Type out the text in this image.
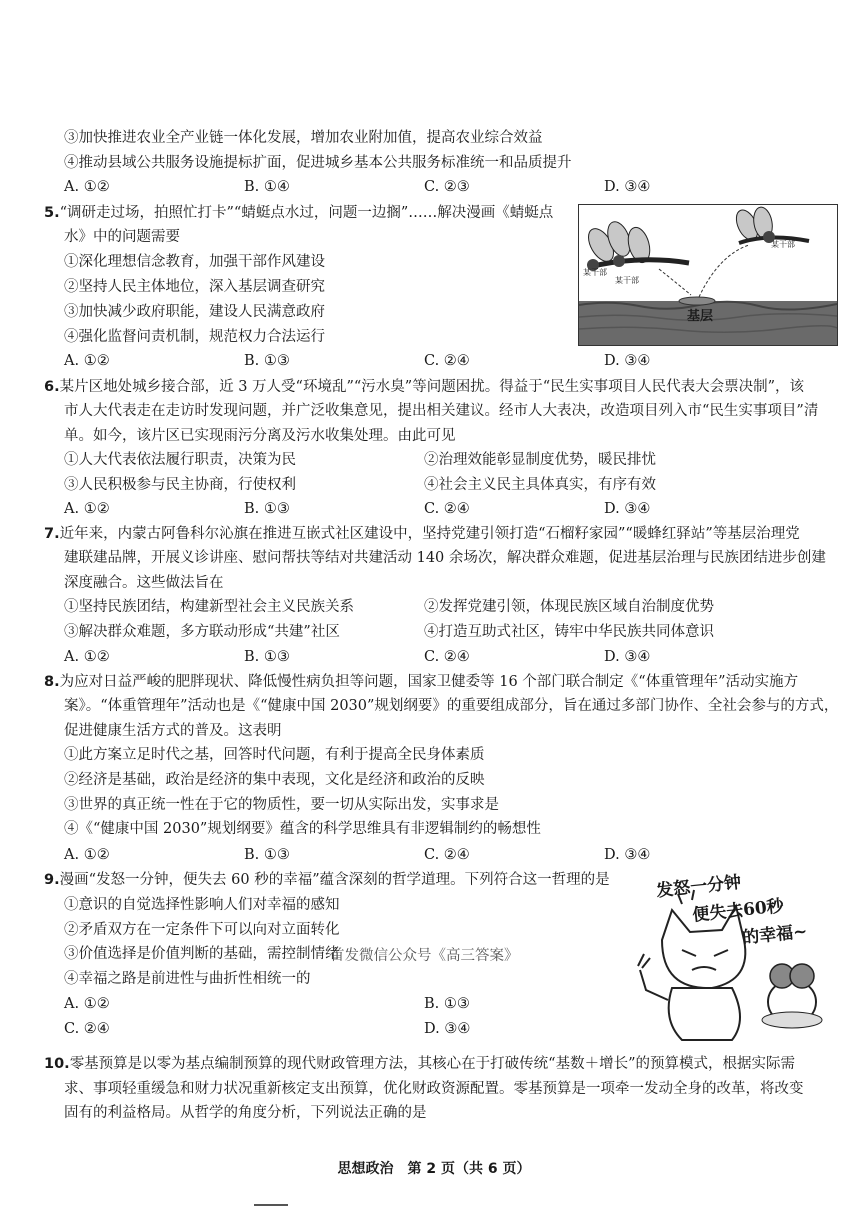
③加快推进农业全产业链一体化发展，增加农业附加值，提高农业综合效益
④推动县域公共服务设施提标扩面，促进城乡基本公共服务标准统一和品质提升
A. ①②	B. ①④	C. ②③	D. ③④
5.“调研走过场，拍照忙打卡”“蜻蜓点水过，问题一边搁”……解决漫画《蜻蜓点
水》中的问题需要
①深化理想信念教育，加强干部作风建设
②坚持人民主体地位，深入基层调查研究
③加快减少政府职能，建设人民满意政府
④强化监督问责机制，规范权力合法运行
A. ①②	B. ①③	C. ②④	D. ③④
某干部
某干部
某干部
基层
6.某片区地处城乡接合部，近 3 万人受“环境乱”“污水臭”等问题困扰。得益于“民生实事项目人民代表大会票决制”，该
市人大代表走在走访时发现问题，并广泛收集意见，提出相关建议。经市人大表决，改造项目列入市“民生实事项目”清
单。如今，该片区已实现雨污分离及污水收集处理。由此可见
①人大代表依法履行职责，决策为民	②治理效能彰显制度优势，暖民排忧
③人民积极参与民主协商，行使权利	④社会主义民主具体真实，有序有效
A. ①②	B. ①③	C. ②④	D. ③④
7.近年来，内蒙古阿鲁科尔沁旗在推进互嵌式社区建设中，坚持党建引领打造“石榴籽家园”“暖蜂红驿站”等基层治理党
建联建品牌，开展义诊讲座、慰问帮扶等结对共建活动 140 余场次，解决群众难题，促进基层治理与民族团结进步创建
深度融合。这些做法旨在
①坚持民族团结，构建新型社会主义民族关系	②发挥党建引领，体现民族区域自治制度优势
③解决群众难题，多方联动形成“共建”社区	④打造互助式社区，铸牢中华民族共同体意识
A. ①②	B. ①③	C. ②④	D. ③④
8.为应对日益严峻的肥胖现状、降低慢性病负担等问题，国家卫健委等 16 个部门联合制定《“体重管理年”活动实施方
案》。“体重管理年”活动也是《“健康中国 2030”规划纲要》的重要组成部分，旨在通过多部门协作、全社会参与的方式，
促进健康生活方式的普及。这表明
①此方案立足时代之基，回答时代问题，有利于提高全民身体素质
②经济是基础，政治是经济的集中表现，文化是经济和政治的反映
③世界的真正统一性在于它的物质性，要一切从实际出发，实事求是
④《“健康中国 2030”规划纲要》蕴含的科学思维具有非逻辑制约的畅想性
A. ①②	B. ①③	C. ②④	D. ③④
9.漫画“发怒一分钟，便失去 60 秒的幸福”蕴含深刻的哲学道理。下列符合这一哲理的是
①意识的自觉选择性影响人们对幸福的感知
②矛盾双方在一定条件下可以向对立面转化
③价值选择是价值判断的基础，需控制情绪
④幸福之路是前进性与曲折性相统一的
A. ①②	B. ①③
C. ②④	D. ③④
首发微信公众号《高三答案》
发怒一分钟
便失去60秒
的幸福~
10.零基预算是以零为基点编制预算的现代财政管理方法，其核心在于打破传统“基数＋增长”的预算模式，根据实际需
求、事项轻重缓急和财力状况重新核定支出预算，优化财政资源配置。零基预算是一项牵一发动全身的改革，将改变
固有的利益格局。从哲学的角度分析，下列说法正确的是
思想政治　第 2 页（共 6 页）
